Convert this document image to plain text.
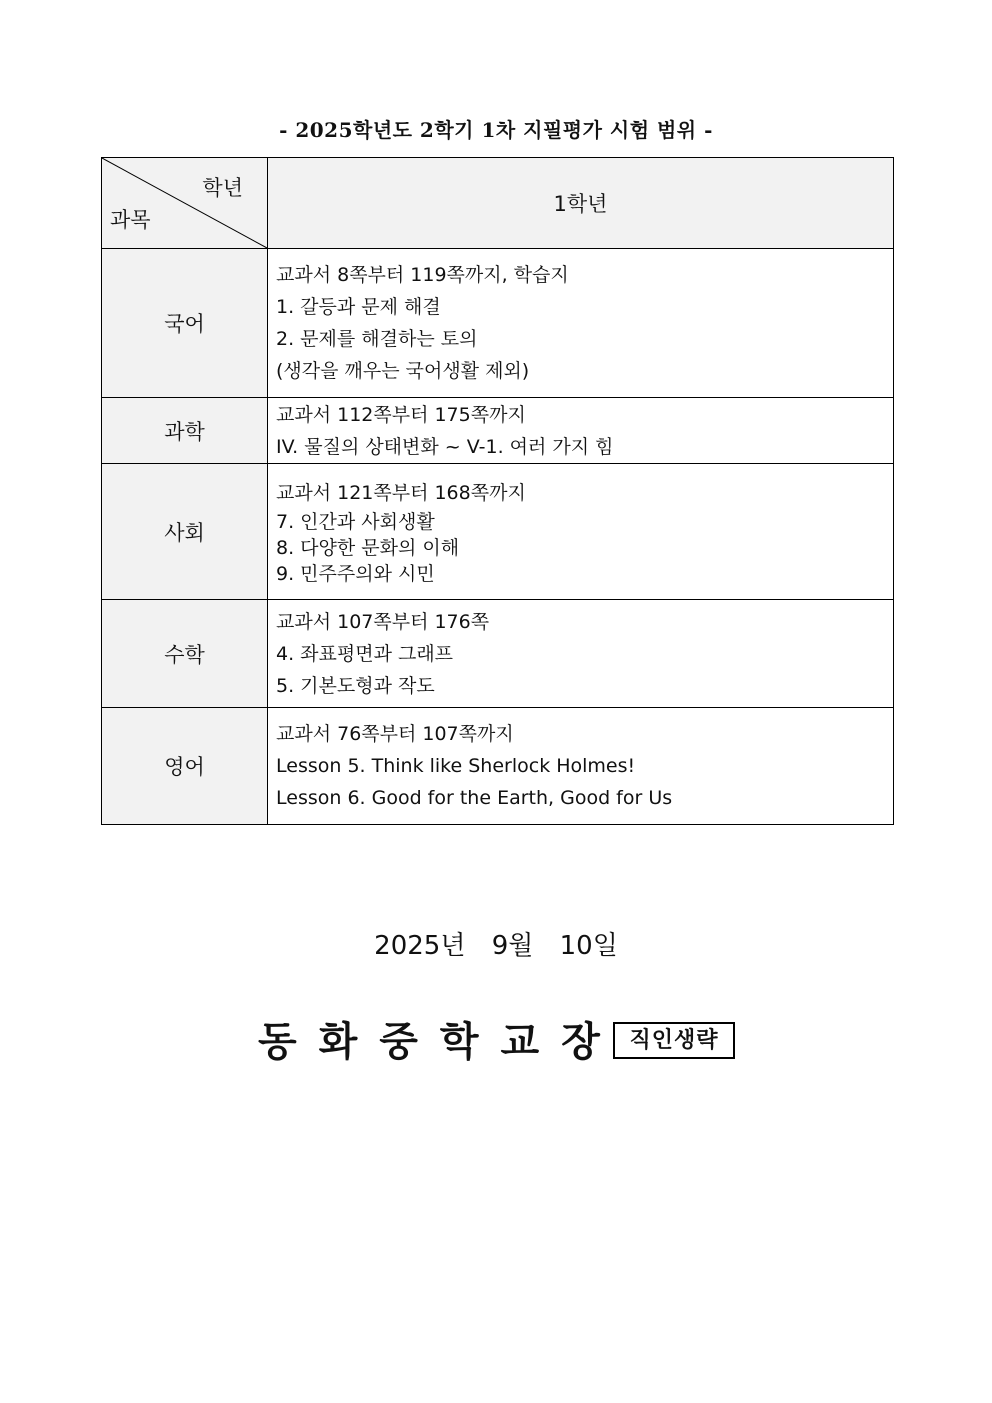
- 2025학년도 2학기 1차 지필평가 시험 범위 -
학년
과목	1학년
국어	교과서 8쪽부터 119쪽까지, 학습지
1. 갈등과 문제 해결
2. 문제를 해결하는 토의
(생각을 깨우는 국어생활 제외)

과학	교과서 112쪽부터 175쪽까지
IV. 물질의 상태변화 ~ V-1. 여러 가지 힘

사회	교과서 121쪽부터 168쪽까지
7. 인간과 사회생활
8. 다양한 문화의 이해
9. 민주주의와 시민

수학	교과서 107쪽부터 176쪽
4. 좌표평면과 그래프
5. 기본도형과 작도

영어	교과서 76쪽부터 107쪽까지
Lesson 5. Think like Sherlock Holmes!
Lesson 6. Good for the Earth, Good for Us
2025년 9월 10일
동화중학교장 직인생략
